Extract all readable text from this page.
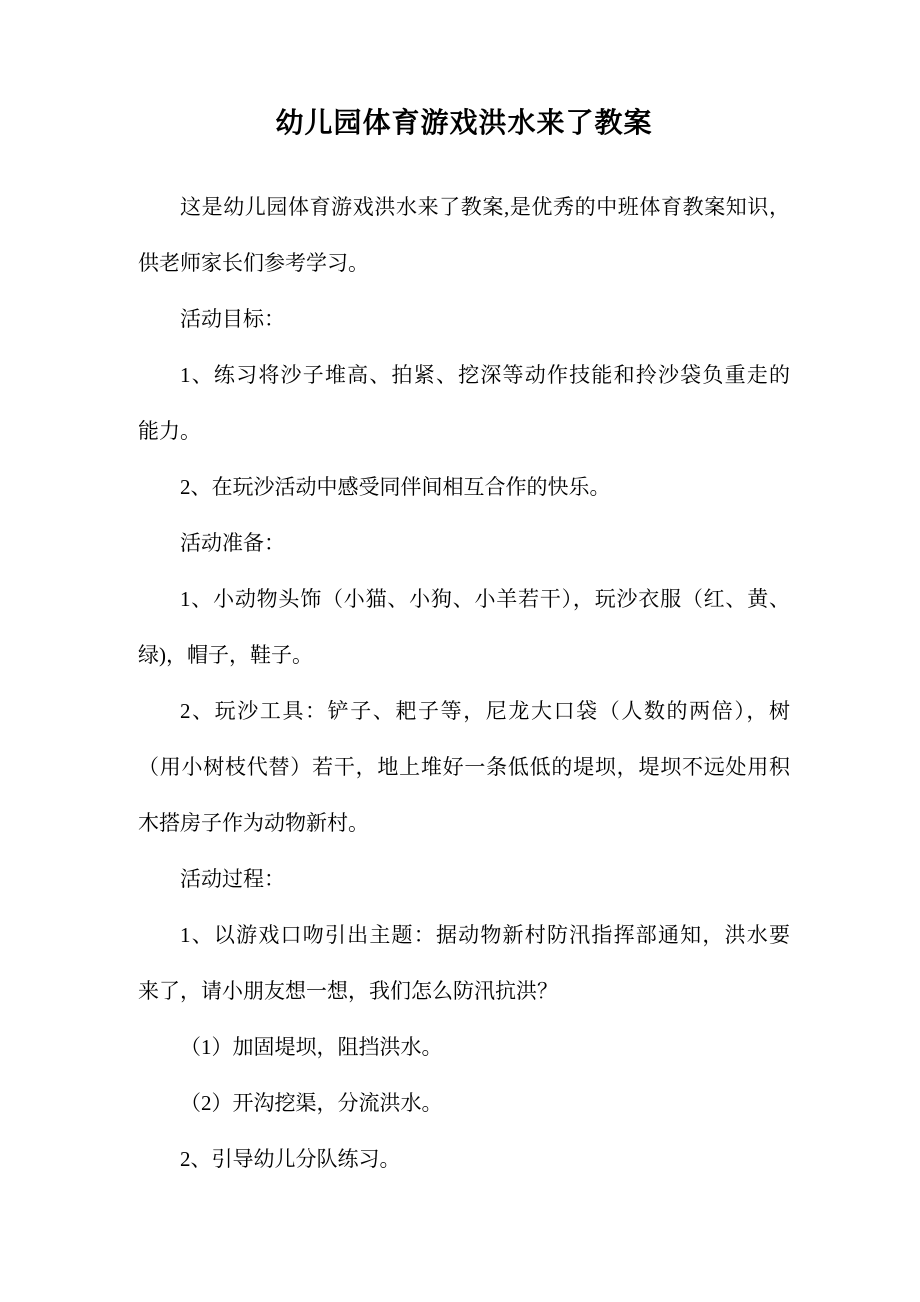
幼儿园体育游戏洪水来了教案
这是幼儿园体育游戏洪水来了教案,是优秀的中班体育教案知识，
供老师家长们参考学习。
活动目标：
1、练习将沙子堆高、拍紧、挖深等动作技能和拎沙袋负重走的
能力。
2、在玩沙活动中感受同伴间相互合作的快乐。
活动准备：
1、小动物头饰（小猫、小狗、小羊若干），玩沙衣服（红、黄、
绿)，帽子，鞋子。
2、玩沙工具：铲子、耙子等，尼龙大口袋（人数的两倍），树
（用小树枝代替）若干，地上堆好一条低低的堤坝，堤坝不远处用积
木搭房子作为动物新村。
活动过程：
1、以游戏口吻引出主题：据动物新村防汛指挥部通知，洪水要
来了，请小朋友想一想，我们怎么防汛抗洪？
（1）加固堤坝，阻挡洪水。
（2）开沟挖渠，分流洪水。
2、引导幼儿分队练习。
